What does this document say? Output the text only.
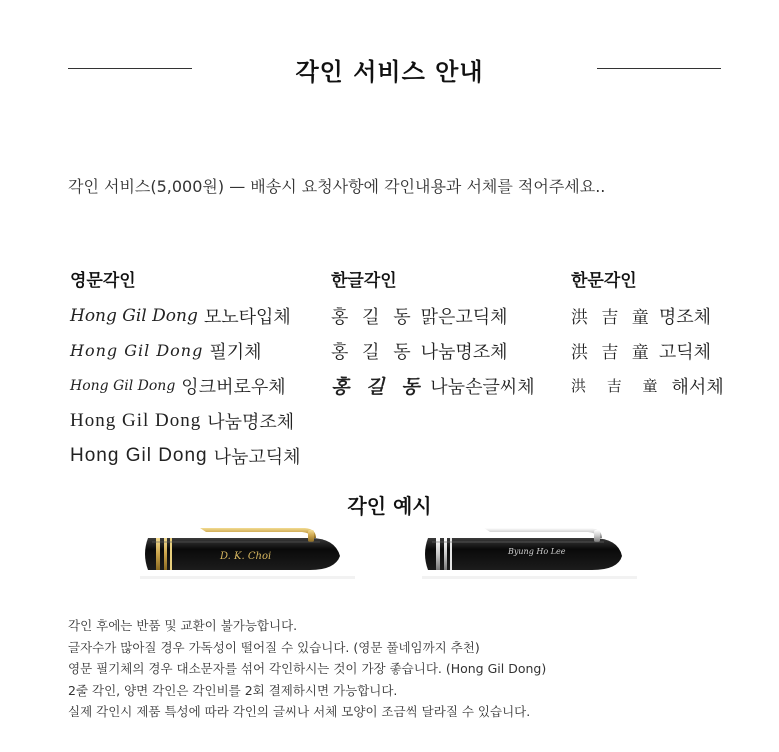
각인 서비스 안내
각인 서비스(5,000원) — 배송시 요청사항에 각인내용과 서체를 적어주세요..
영문각인
Hong Gil Dong 모노타입체
Hong Gil Dong 필기체
Hong Gil Dong 잉크버로우체
Hong Gil Dong 나눔명조체
Hong Gil Dong 나눔고딕체
한글각인
홍 길 동 맑은고딕체
홍 길 동 나눔명조체
홍 길 동 나눔손글씨체
한문각인
洪 吉 童 명조체
洪 吉 童 고딕체
洪 吉 童 해서체
각인 예시
D. K. Choi	Byung Ho Lee
각인 후에는 반품 및 교환이 불가능합니다.
글자수가 많아질 경우 가독성이 떨어질 수 있습니다. (영문 풀네임까지 추천)
영문 필기체의 경우 대소문자를 섞어 각인하시는 것이 가장 좋습니다. (Hong Gil Dong)
2줄 각인, 양면 각인은 각인비를 2회 결제하시면 가능합니다.
실제 각인시 제품 특성에 따라 각인의 글씨나 서체 모양이 조금씩 달라질 수 있습니다.
